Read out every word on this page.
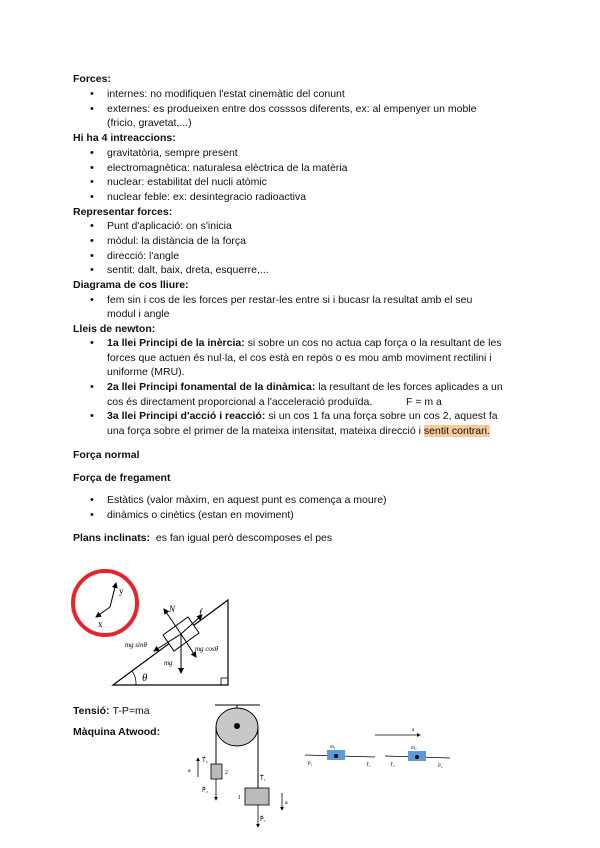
Forces:
• internes: no modifiquen l'estat cinemàtic del conunt
• externes: es produeixen entre dos cosssos diferents, ex: al empenyer un moble
(fricio, gravetat,...)
Hi ha 4 intreaccions:
• gravitatòria, sempre present
• electromagnètica: naturalesa elèctrica de la matèria
• nuclear: estabilitat del nucli atòmic
• nuclear feble: ex: desintegracio radioactiva
Representar forces:
• Punt d'aplicació: on s'inicia
• mòdul: la distància de la força
• direcció: l'angle
• sentit: dalt, baix, dreta, esquerre,...
Diagrama de cos lliure:
• fem sin i cos de les forces per restar-les entre si i bucasr la resultat amb el seu
modul i angle
Lleis de newton:
• 1a llei Principi de la inèrcia: si sobre un cos no actua cap força o la resultant de les
forces que actuen és nul·la, el cos està en repòs o es mou amb moviment rectilini i
uniforme (MRU).
• 2a llei Principi fonamental de la dinàmica: la resultant de les forces aplicades a un
cos és directament proporcional a l'acceleració produïda.	F = m a
• 3a llei Principi d'acció i reacció: si un cos 1 fa una força sobre un cos 2, aquest fa
una força sobre el primer de la mateixa intensitat, mateixa direcció i sentit contrari.
Força normal
Força de fregament
• Estàtics (valor màxim, en aquest punt es comença a moure)
• dinàmics o cinètics (estan en moviment)
Plans inclinats: es fan igual però descomposes el pes
y
x
θ
N f
mg sinθ	mg cosθ
mg
Tensió: T-P=ma
Màquina Atwood:
a
a
T⃗₂
T⃗₁
P⃗₂
P⃗₁
2
1
a
m₁	m₂
P₁	T₁	T₂	P₂
